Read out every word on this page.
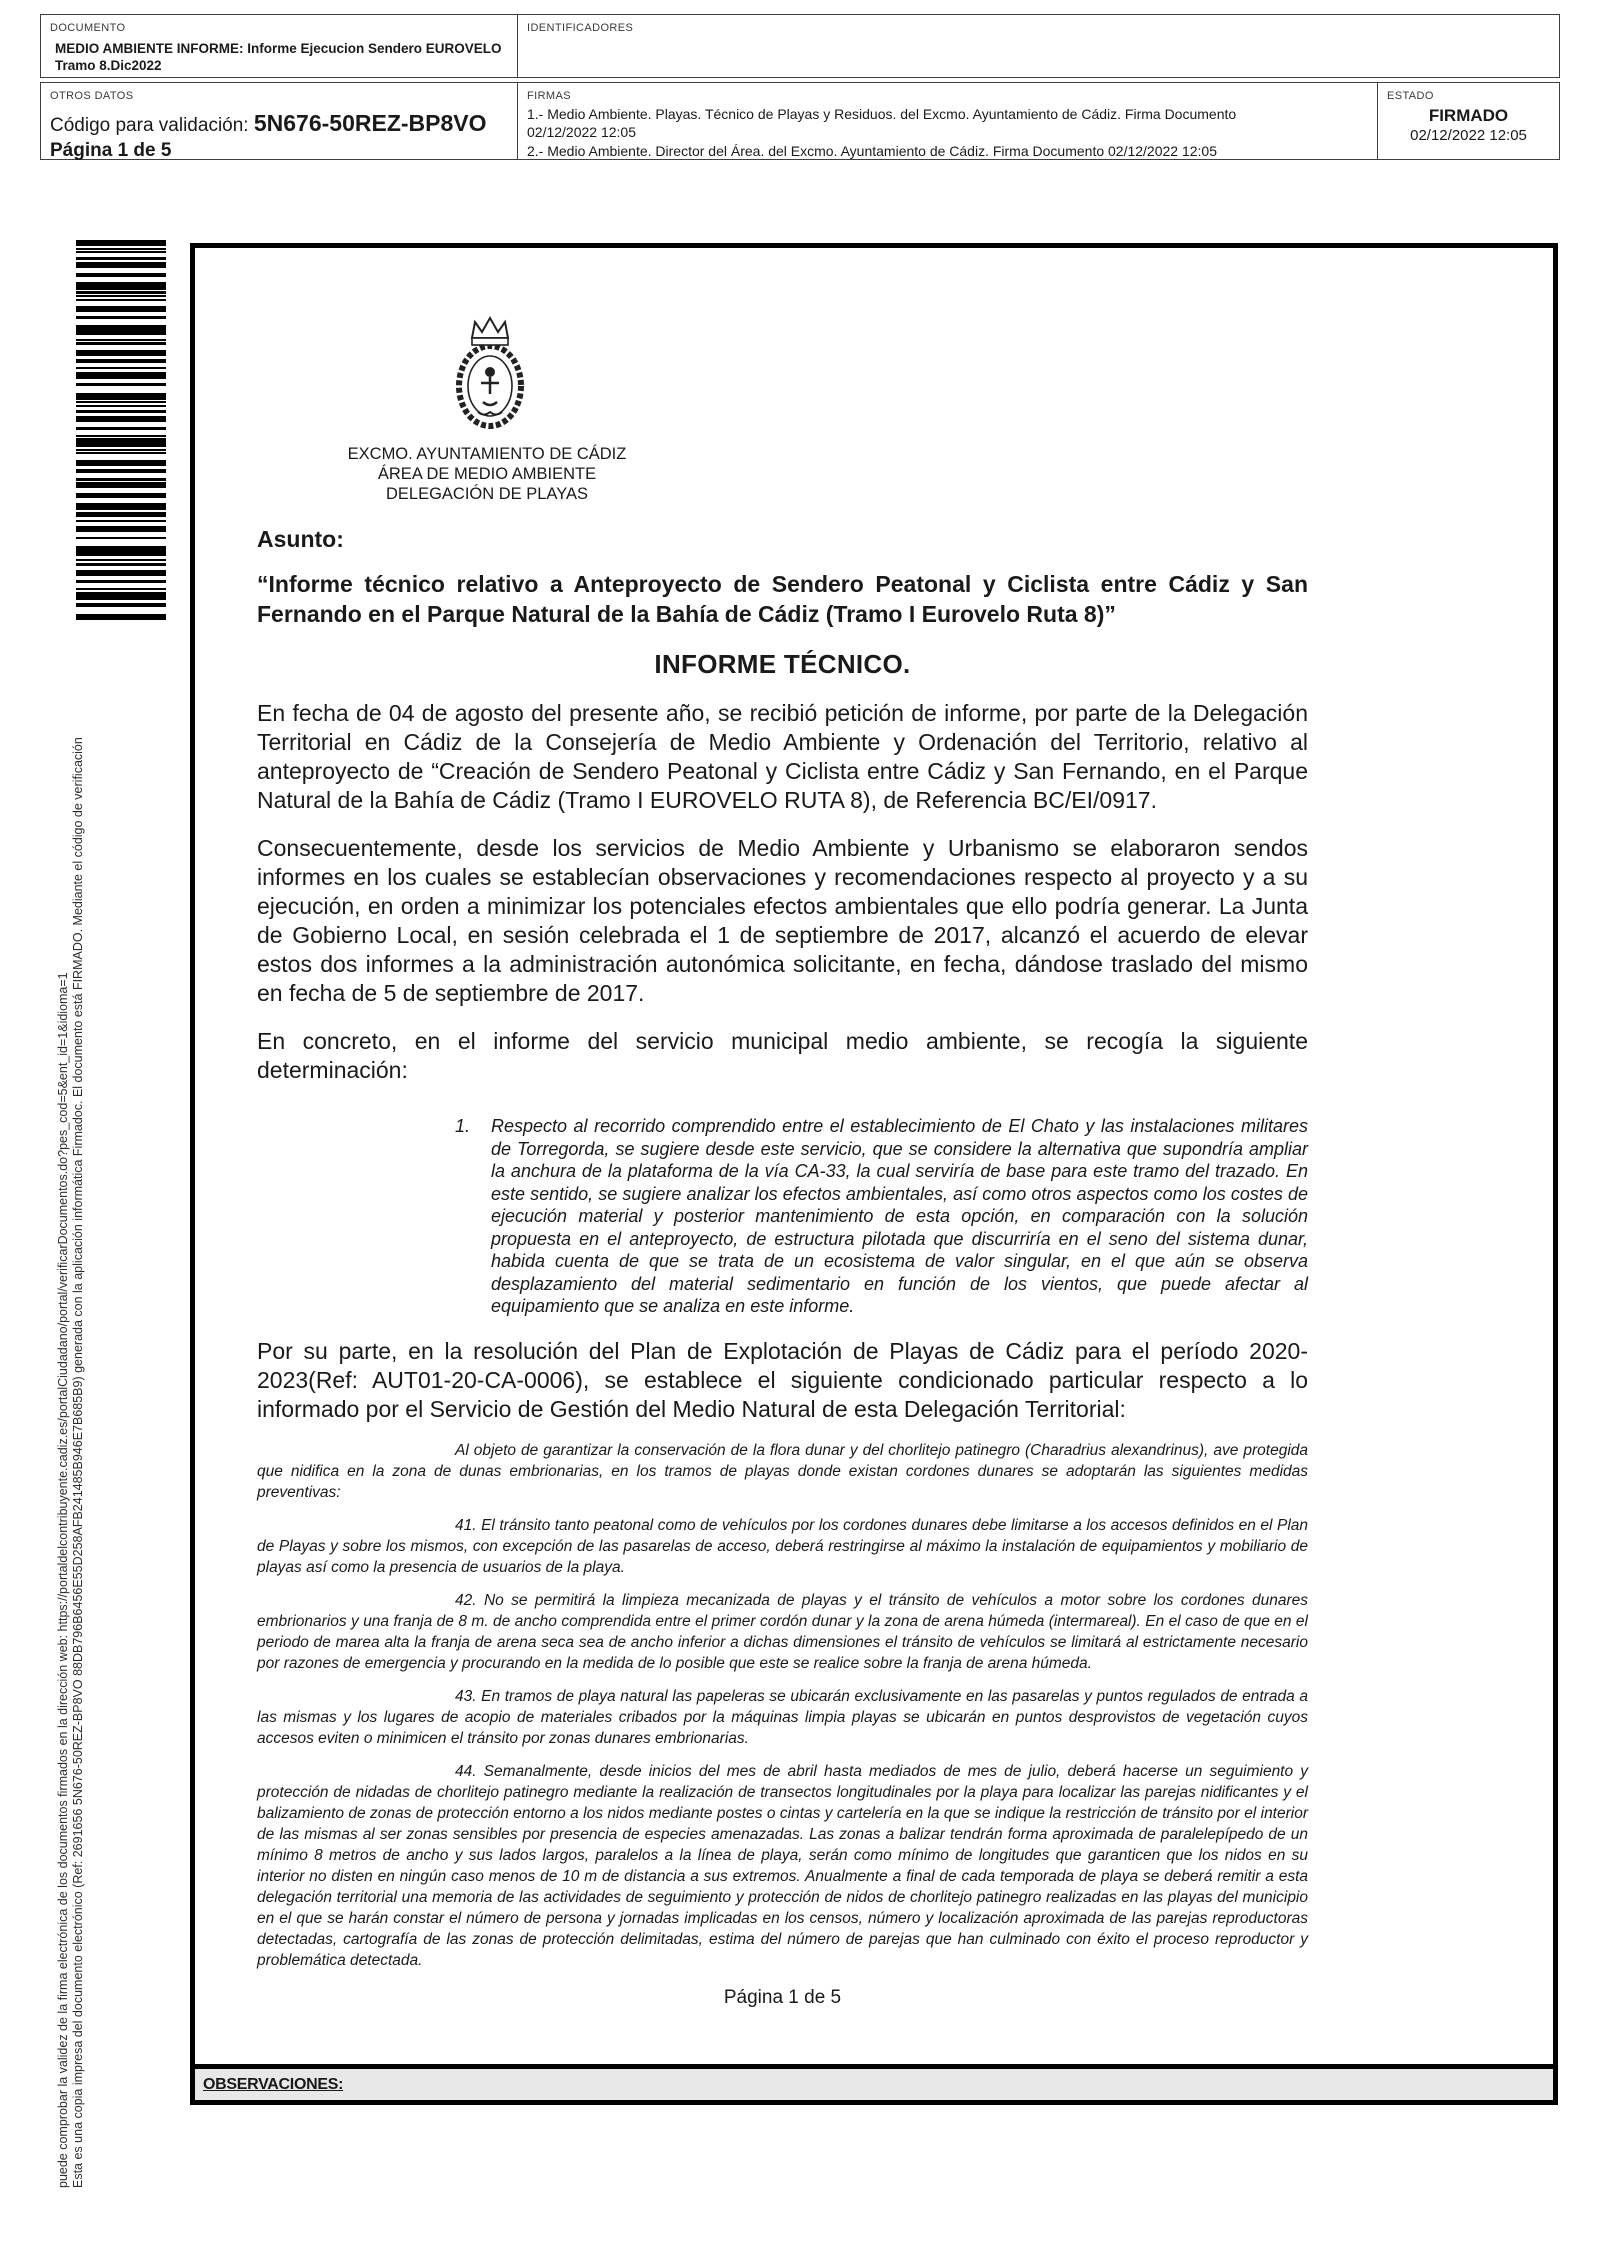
DOCUMENTO
MEDIO AMBIENTE INFORME: Informe Ejecucion Sendero EUROVELO Tramo 8.Dic2022
IDENTIFICADORES
OTROS DATOS
Código para validación: 5N676-50REZ-BP8VO
Página 1 de 5
FIRMAS
1.- Medio Ambiente. Playas. Técnico de Playas y Residuos. del Excmo. Ayuntamiento de Cádiz. Firma Documento 02/12/2022 12:05
2.- Medio Ambiente. Director del Área. del Excmo. Ayuntamiento de Cádiz. Firma Documento 02/12/2022 12:05
ESTADO
FIRMADO
02/12/2022 12:05
puede comprobar la validez de la firma electrónica de los documentos firmados en la dirección web: https://portaldelcontribuyente.cadiz.es/portalCiudadano/portal/verificarDocumentos.do?pes_cod=5&ent_id=1&idioma=1 Esta es una copia impresa del documento electrónico (Ref: 2691656 5N676-50REZ-BP8VO 88DB796B6456E55D258AFB241485B946E7B685B9) generada con la aplicación informática Firmadoc. El documento está FIRMADO. Mediante el código de verificación
EXCMO. AYUNTAMIENTO DE CÁDIZ
ÁREA DE MEDIO AMBIENTE
DELEGACIÓN DE PLAYAS
Asunto:
“Informe técnico relativo a Anteproyecto de Sendero Peatonal y Ciclista entre Cádiz y San Fernando en el Parque Natural de la Bahía de Cádiz (Tramo I Eurovelo Ruta 8)”
INFORME TÉCNICO.
En fecha de 04 de agosto del presente año, se recibió petición de informe, por parte de la Delegación Territorial en Cádiz de la Consejería de Medio Ambiente y Ordenación del Territorio, relativo al anteproyecto de “Creación de Sendero Peatonal y Ciclista entre Cádiz y San Fernando, en el Parque Natural de la Bahía de Cádiz (Tramo I EUROVELO RUTA 8), de Referencia BC/EI/0917.
Consecuentemente, desde los servicios de Medio Ambiente y Urbanismo se elaboraron sendos informes en los cuales se establecían observaciones y recomendaciones respecto al proyecto y a su ejecución, en orden a minimizar los potenciales efectos ambientales que ello podría generar. La Junta de Gobierno Local, en sesión celebrada el 1 de septiembre de 2017, alcanzó el acuerdo de elevar estos dos informes a la administración autonómica solicitante, en fecha, dándose traslado del mismo en fecha de 5 de septiembre de 2017.
En concreto, en el informe del servicio municipal medio ambiente, se recogía la siguiente determinación:
1.	Respecto al recorrido comprendido entre el establecimiento de El Chato y las instalaciones militares de Torregorda, se sugiere desde este servicio, que se considere la alternativa que supondría ampliar la anchura de la plataforma de la vía CA-33, la cual serviría de base para este tramo del trazado. En este sentido, se sugiere analizar los efectos ambientales, así como otros aspectos como los costes de ejecución material y posterior mantenimiento de esta opción, en comparación con la solución propuesta en el anteproyecto, de estructura pilotada que discurriría en el seno del sistema dunar, habida cuenta de que se trata de un ecosistema de valor singular, en el que aún se observa desplazamiento del material sedimentario en función de los vientos, que puede afectar al equipamiento que se analiza en este informe.
Por su parte, en la resolución del Plan de Explotación de Playas de Cádiz para el período 2020-2023(Ref: AUT01-20-CA-0006), se establece el siguiente condicionado particular respecto a lo informado por el Servicio de Gestión del Medio Natural de esta Delegación Territorial:
Al objeto de garantizar la conservación de la flora dunar y del chorlitejo patinegro (Charadrius alexandrinus), ave protegida que nidifica en la zona de dunas embrionarias, en los tramos de playas donde existan cordones dunares se adoptarán las siguientes medidas preventivas:
41. El tránsito tanto peatonal como de vehículos por los cordones dunares debe limitarse a los accesos definidos en el Plan de Playas y sobre los mismos, con excepción de las pasarelas de acceso, deberá restringirse al máximo la instalación de equipamientos y mobiliario de playas así como la presencia de usuarios de la playa.
42. No se permitirá la limpieza mecanizada de playas y el tránsito de vehículos a motor sobre los cordones dunares embrionarios y una franja de 8 m. de ancho comprendida entre el primer cordón dunar y la zona de arena húmeda (intermareal). En el caso de que en el periodo de marea alta la franja de arena seca sea de ancho inferior a dichas dimensiones el tránsito de vehículos se limitará al estrictamente necesario por razones de emergencia y procurando en la medida de lo posible que este se realice sobre la franja de arena húmeda.
43. En tramos de playa natural las papeleras se ubicarán exclusivamente en las pasarelas y puntos regulados de entrada a las mismas y los lugares de acopio de materiales cribados por la máquinas limpia playas se ubicarán en puntos desprovistos de vegetación cuyos accesos eviten o minimicen el tránsito por zonas dunares embrionarias.
44. Semanalmente, desde inicios del mes de abril hasta mediados de mes de julio, deberá hacerse un seguimiento y protección de nidadas de chorlitejo patinegro mediante la realización de transectos longitudinales por la playa para localizar las parejas nidificantes y el balizamiento de zonas de protección entorno a los nidos mediante postes o cintas y cartelería en la que se indique la restricción de tránsito por el interior de las mismas al ser zonas sensibles por presencia de especies amenazadas. Las zonas a balizar tendrán forma aproximada de paralelepípedo de un mínimo 8 metros de ancho y sus lados largos, paralelos a la línea de playa, serán como mínimo de longitudes que garanticen que los nidos en su interior no disten en ningún caso menos de 10 m de distancia a sus extremos. Anualmente a final de cada temporada de playa se deberá remitir a esta delegación territorial una memoria de las actividades de seguimiento y protección de nidos de chorlitejo patinegro realizadas en las playas del municipio en el que se harán constar el número de persona y jornadas implicadas en los censos, número y localización aproximada de las parejas reproductoras detectadas, cartografía de las zonas de protección delimitadas, estima del número de parejas que han culminado con éxito el proceso reproductor y problemática detectada.
Página 1 de 5
OBSERVACIONES:
